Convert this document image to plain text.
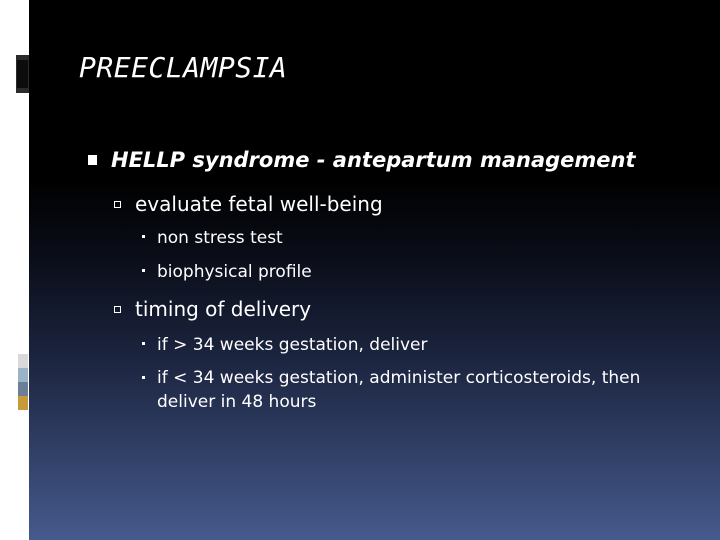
PREECLAMPSIA
HELLP syndrome - antepartum management
evaluate fetal well-being
non stress test
biophysical profile
timing of delivery
if > 34 weeks gestation, deliver
if < 34 weeks gestation, administer corticosteroids, then deliver in 48 hours
